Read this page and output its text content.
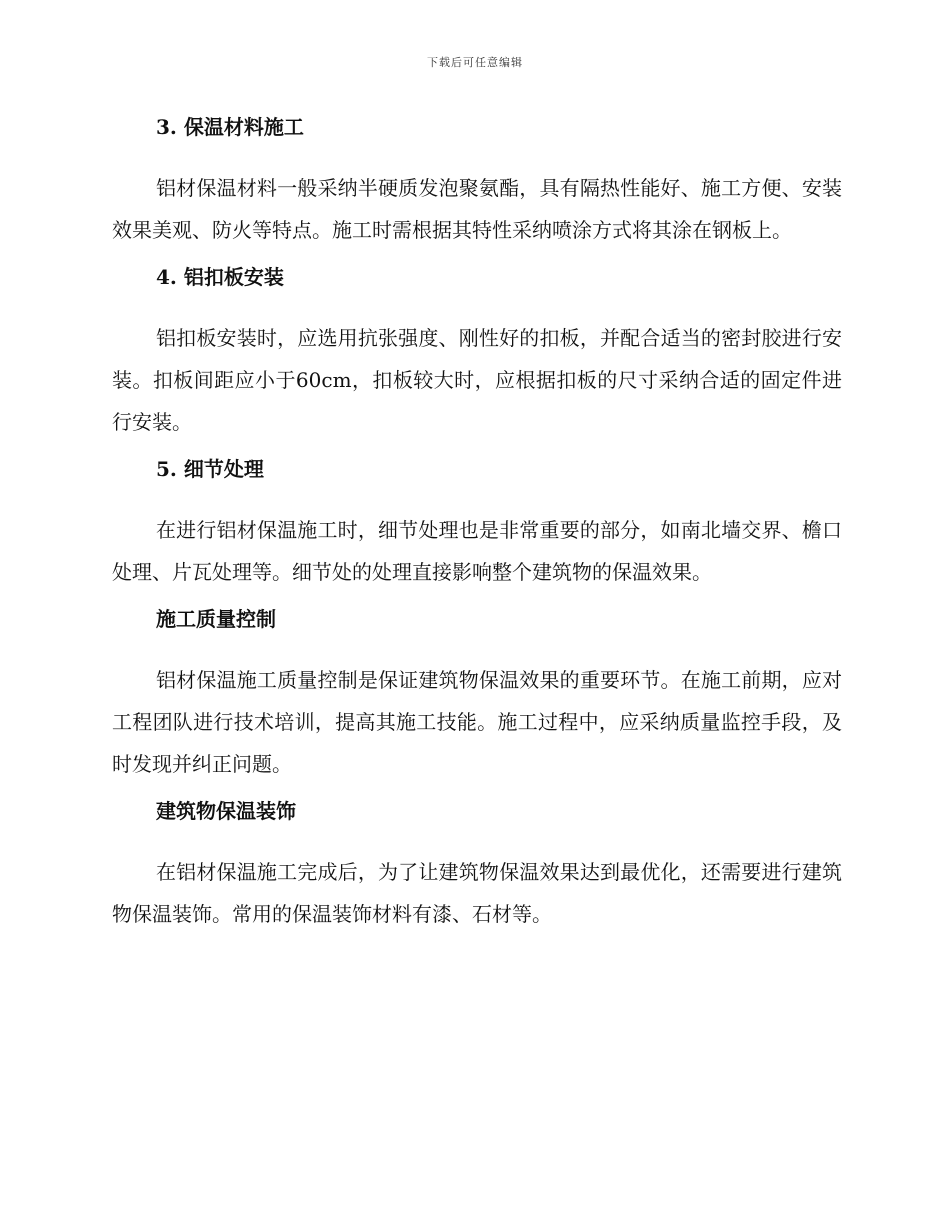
下载后可任意编辑
3. 保温材料施工

铝材保温材料一般采纳半硬质发泡聚氨酯，具有隔热性能好、施工方便、安装效果美观、防火等特点。施工时需根据其特性采纳喷涂方式将其涂在钢板上。

4. 铝扣板安装

铝扣板安装时，应选用抗张强度、刚性好的扣板，并配合适当的密封胶进行安装。扣板间距应小于60cm，扣板较大时，应根据扣板的尺寸采纳合适的固定件进行安装。

5. 细节处理

在进行铝材保温施工时，细节处理也是非常重要的部分，如南北墙交界、檐口处理、片瓦处理等。细节处的处理直接影响整个建筑物的保温效果。

施工质量控制

铝材保温施工质量控制是保证建筑物保温效果的重要环节。在施工前期，应对工程团队进行技术培训，提高其施工技能。施工过程中，应采纳质量监控手段，及时发现并纠正问题。

建筑物保温装饰

在铝材保温施工完成后，为了让建筑物保温效果达到最优化，还需要进行建筑物保温装饰。常用的保温装饰材料有漆、石材等。
